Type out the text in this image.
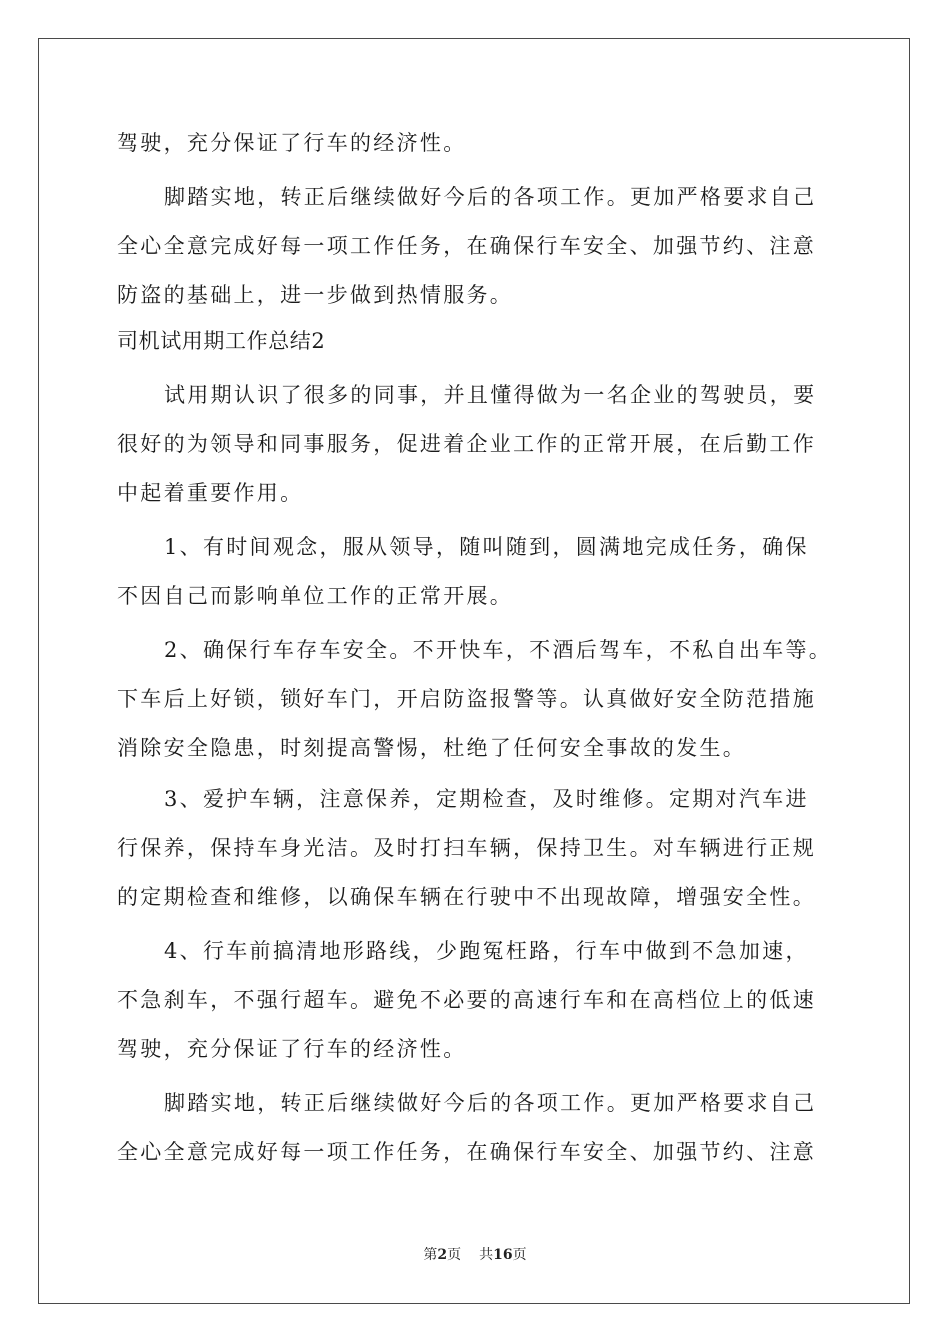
驾驶，充分保证了行车的经济性。
脚踏实地，转正后继续做好今后的各项工作。更加严格要求自己
全心全意完成好每一项工作任务，在确保行车安全、加强节约、注意
防盗的基础上，进一步做到热情服务。
司机试用期工作总结2
试用期认识了很多的同事，并且懂得做为一名企业的驾驶员，要
很好的为领导和同事服务，促进着企业工作的正常开展，在后勤工作
中起着重要作用。
1、有时间观念，服从领导，随叫随到，圆满地完成任务，确保
不因自己而影响单位工作的正常开展。
2、确保行车存车安全。不开快车，不酒后驾车，不私自出车等。
下车后上好锁，锁好车门，开启防盗报警等。认真做好安全防范措施
消除安全隐患，时刻提高警惕，杜绝了任何安全事故的发生。
3、爱护车辆，注意保养，定期检查，及时维修。定期对汽车进
行保养，保持车身光洁。及时打扫车辆，保持卫生。对车辆进行正规
的定期检查和维修，以确保车辆在行驶中不出现故障，增强安全性。
4、行车前搞清地形路线，少跑冤枉路，行车中做到不急加速，
不急刹车，不强行超车。避免不必要的高速行车和在高档位上的低速
驾驶，充分保证了行车的经济性。
脚踏实地，转正后继续做好今后的各项工作。更加严格要求自己
全心全意完成好每一项工作任务，在确保行车安全、加强节约、注意
第2页 共16页
